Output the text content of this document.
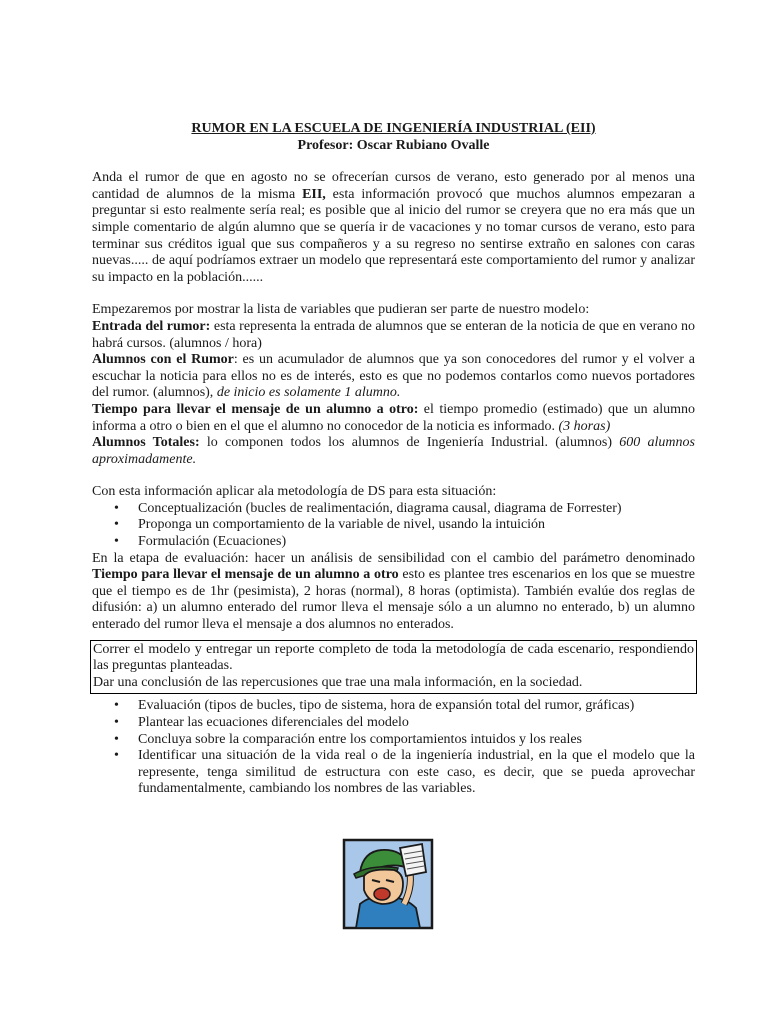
RUMOR EN LA ESCUELA DE INGENIERÍA INDUSTRIAL (EII)

Profesor: Oscar Rubiano Ovalle

Anda el rumor de que en agosto no se ofrecerían cursos de verano, esto generado por al menos una cantidad de alumnos de la misma EII, esta información provocó que muchos alumnos empezaran a preguntar si esto realmente sería real; es posible que al inicio del rumor se creyera que no era más que un simple comentario de algún alumno que se quería ir de vacaciones y no tomar cursos de verano, esto para terminar sus créditos igual que sus compañeros y a su regreso no sentirse extraño en salones con caras nuevas..... de aquí podríamos extraer un modelo que representará este comportamiento del rumor y analizar su impacto en la población......

Empezaremos por mostrar la lista de variables que pudieran ser parte de nuestro modelo:

Entrada del rumor: esta representa la entrada de alumnos que se enteran de la noticia de que en verano no habrá cursos. (alumnos / hora)

Alumnos con el Rumor: es un acumulador de alumnos que ya son conocedores del rumor y el volver a escuchar la noticia para ellos no es de interés, esto es que no podemos contarlos como nuevos portadores del rumor. (alumnos), de inicio es solamente 1 alumno.

Tiempo para llevar el mensaje de un alumno a otro: el tiempo promedio (estimado) que un alumno informa a otro o bien en el que el alumno no conocedor de la noticia es informado. (3 horas)

Alumnos Totales: lo componen todos los alumnos de Ingeniería Industrial. (alumnos) 600 alumnos aproximadamente.

Con esta información aplicar ala metodología de DS para esta situación:

• Conceptualización (bucles de realimentación, diagrama causal, diagrama de Forrester)
• Proponga un comportamiento de la variable de nivel, usando la intuición
• Formulación (Ecuaciones)

En la etapa de evaluación: hacer un análisis de sensibilidad con el cambio del parámetro denominado Tiempo para llevar el mensaje de un alumno a otro esto es plantee tres escenarios en los que se muestre que el tiempo es de 1hr (pesimista), 2 horas (normal), 8 horas (optimista). También evalúe dos reglas de difusión: a) un alumno enterado del rumor lleva el mensaje sólo a un alumno no enterado, b) un alumno enterado del rumor lleva el mensaje a dos alumnos no enterados.

Correr el modelo y entregar un reporte completo de toda la metodología de cada escenario, respondiendo las preguntas planteadas.

Dar una conclusión de las repercusiones que trae una mala información, en la sociedad.

• Evaluación (tipos de bucles, tipo de sistema, hora de expansión total del rumor, gráficas)
• Plantear las ecuaciones diferenciales del modelo
• Concluya sobre la comparación entre los comportamientos intuidos y los reales
• Identificar una situación de la vida real o de la ingeniería industrial, en la que el modelo que la represente, tenga similitud de estructura con este caso, es decir, que se pueda aprovechar fundamentalmente, cambiando los nombres de las variables.
